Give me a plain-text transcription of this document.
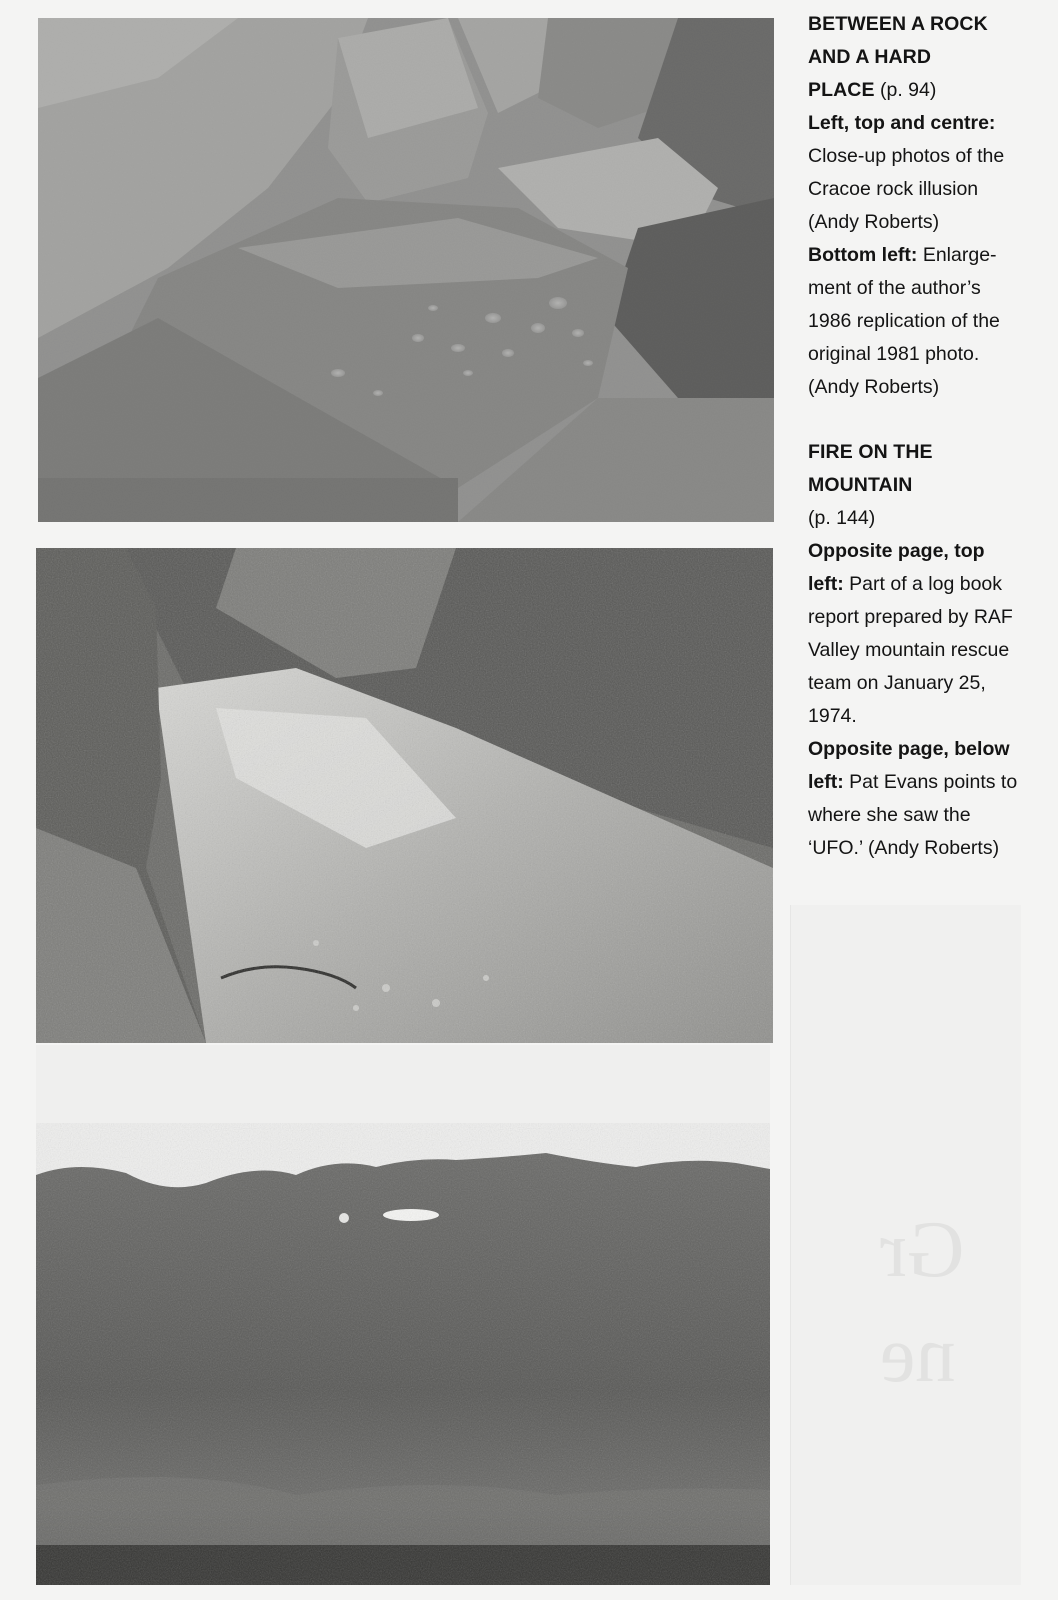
Gr
ne
BETWEEN A ROCK
AND A HARD
PLACE (p. 94)
Left, top and centre:
Close-up photos of the
Cracoe rock illusion
(Andy Roberts)
Bottom left: Enlarge-
ment of the author’s
1986 replication of the
original 1981 photo.
(Andy Roberts)
FIRE ON THE
MOUNTAIN
(p. 144)
Opposite page, top
left: Part of a log book
report prepared by RAF
Valley mountain rescue
team on January 25,
1974.
Opposite page, below
left: Pat Evans points to
where she saw the
‘UFO.’ (Andy Roberts)
